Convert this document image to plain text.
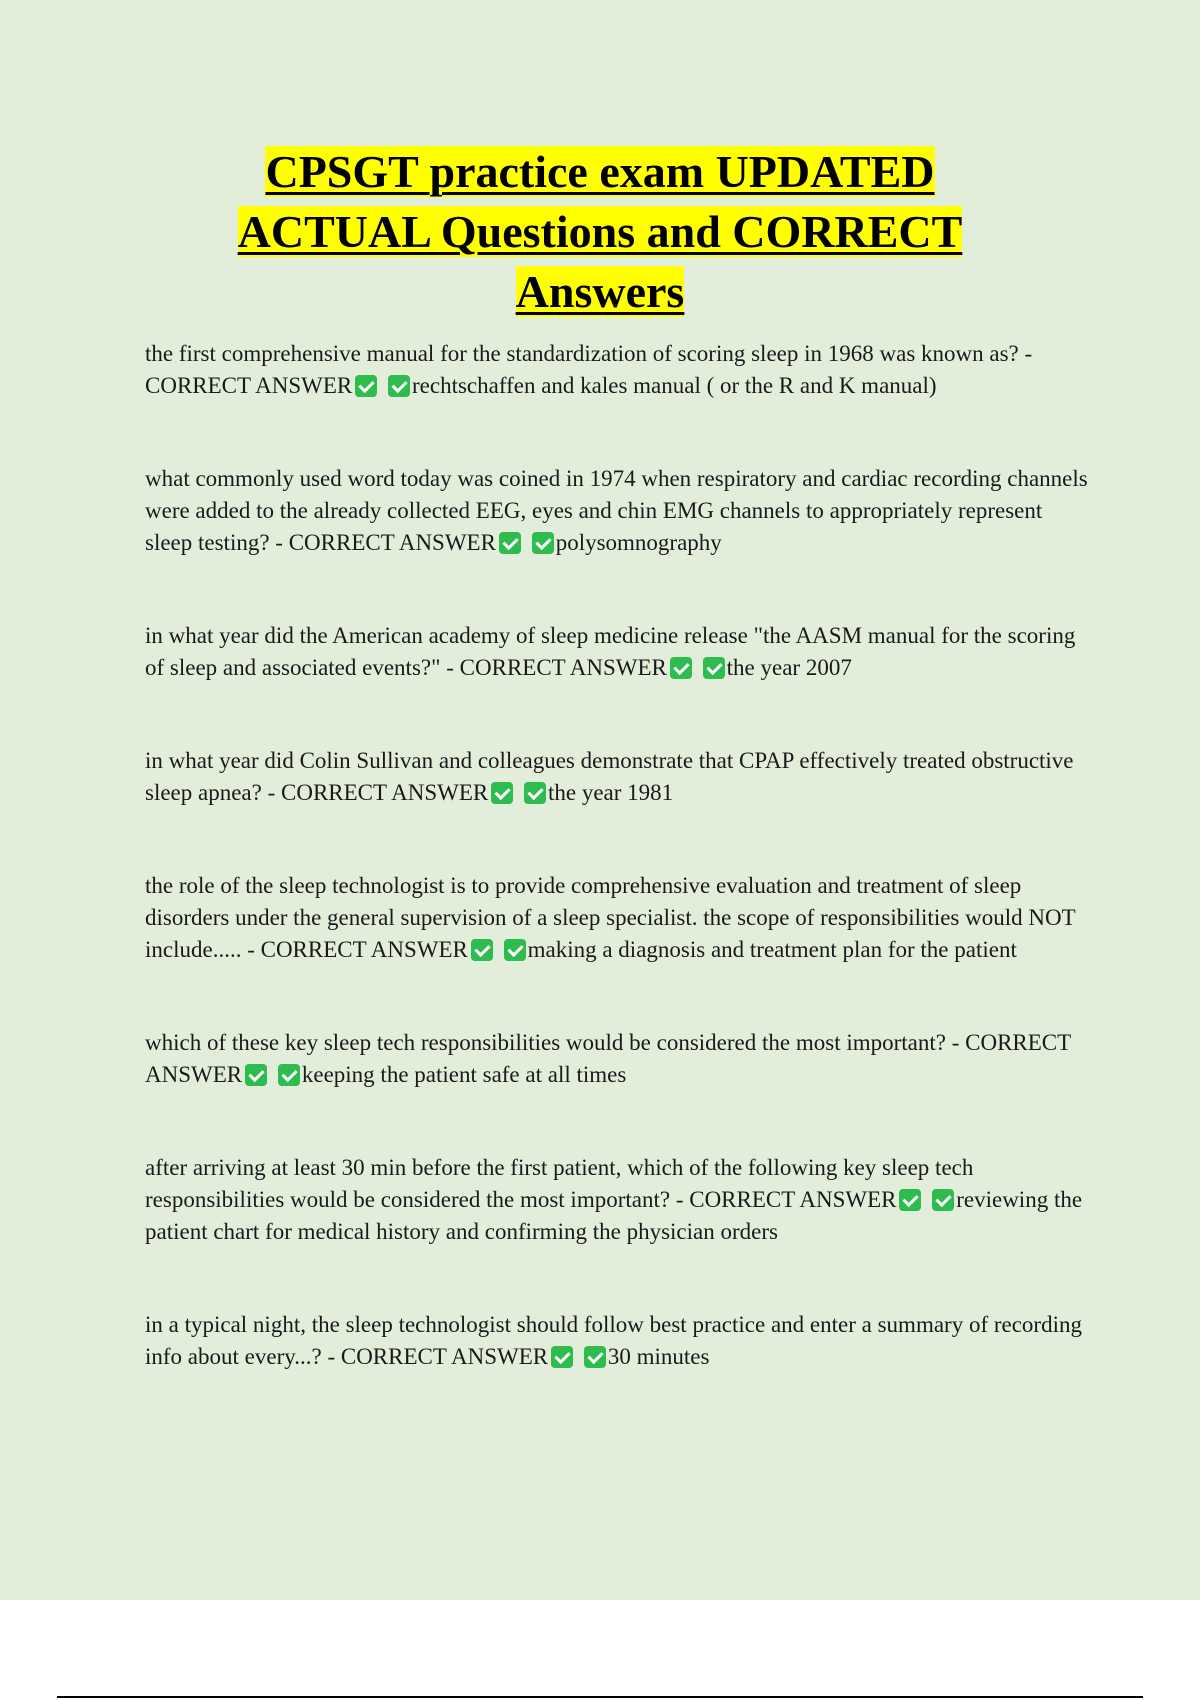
CPSGT practice exam UPDATED
ACTUAL Questions and CORRECT
Answers

the first comprehensive manual for the standardization of scoring sleep in 1968 was known as? - CORRECT ANSWER	rechtschaffen and kales manual ( or the R and K manual)

what commonly used word today was coined in 1974 when respiratory and cardiac recording channels were added to the already collected EEG, eyes and chin EMG channels to appropriately represent sleep testing? - CORRECT ANSWER	polysomnography

in what year did the American academy of sleep medicine release "the AASM manual for the scoring of sleep and associated events?" - CORRECT ANSWER	the year 2007

in what year did Colin Sullivan and colleagues demonstrate that CPAP effectively treated obstructive sleep apnea? - CORRECT ANSWER	the year 1981

the role of the sleep technologist is to provide comprehensive evaluation and treatment of sleep disorders under the general supervision of a sleep specialist. the scope of responsibilities would NOT include..... - CORRECT ANSWER	making a diagnosis and treatment plan for the patient

which of these key sleep tech responsibilities would be considered the most important? - CORRECT ANSWER	keeping the patient safe at all times

after arriving at least 30 min before the first patient, which of the following key sleep tech responsibilities would be considered the most important? - CORRECT ANSWER	reviewing the patient chart for medical history and confirming the physician orders

in a typical night, the sleep technologist should follow best practice and enter a summary of recording info about every...? - CORRECT ANSWER	30 minutes
